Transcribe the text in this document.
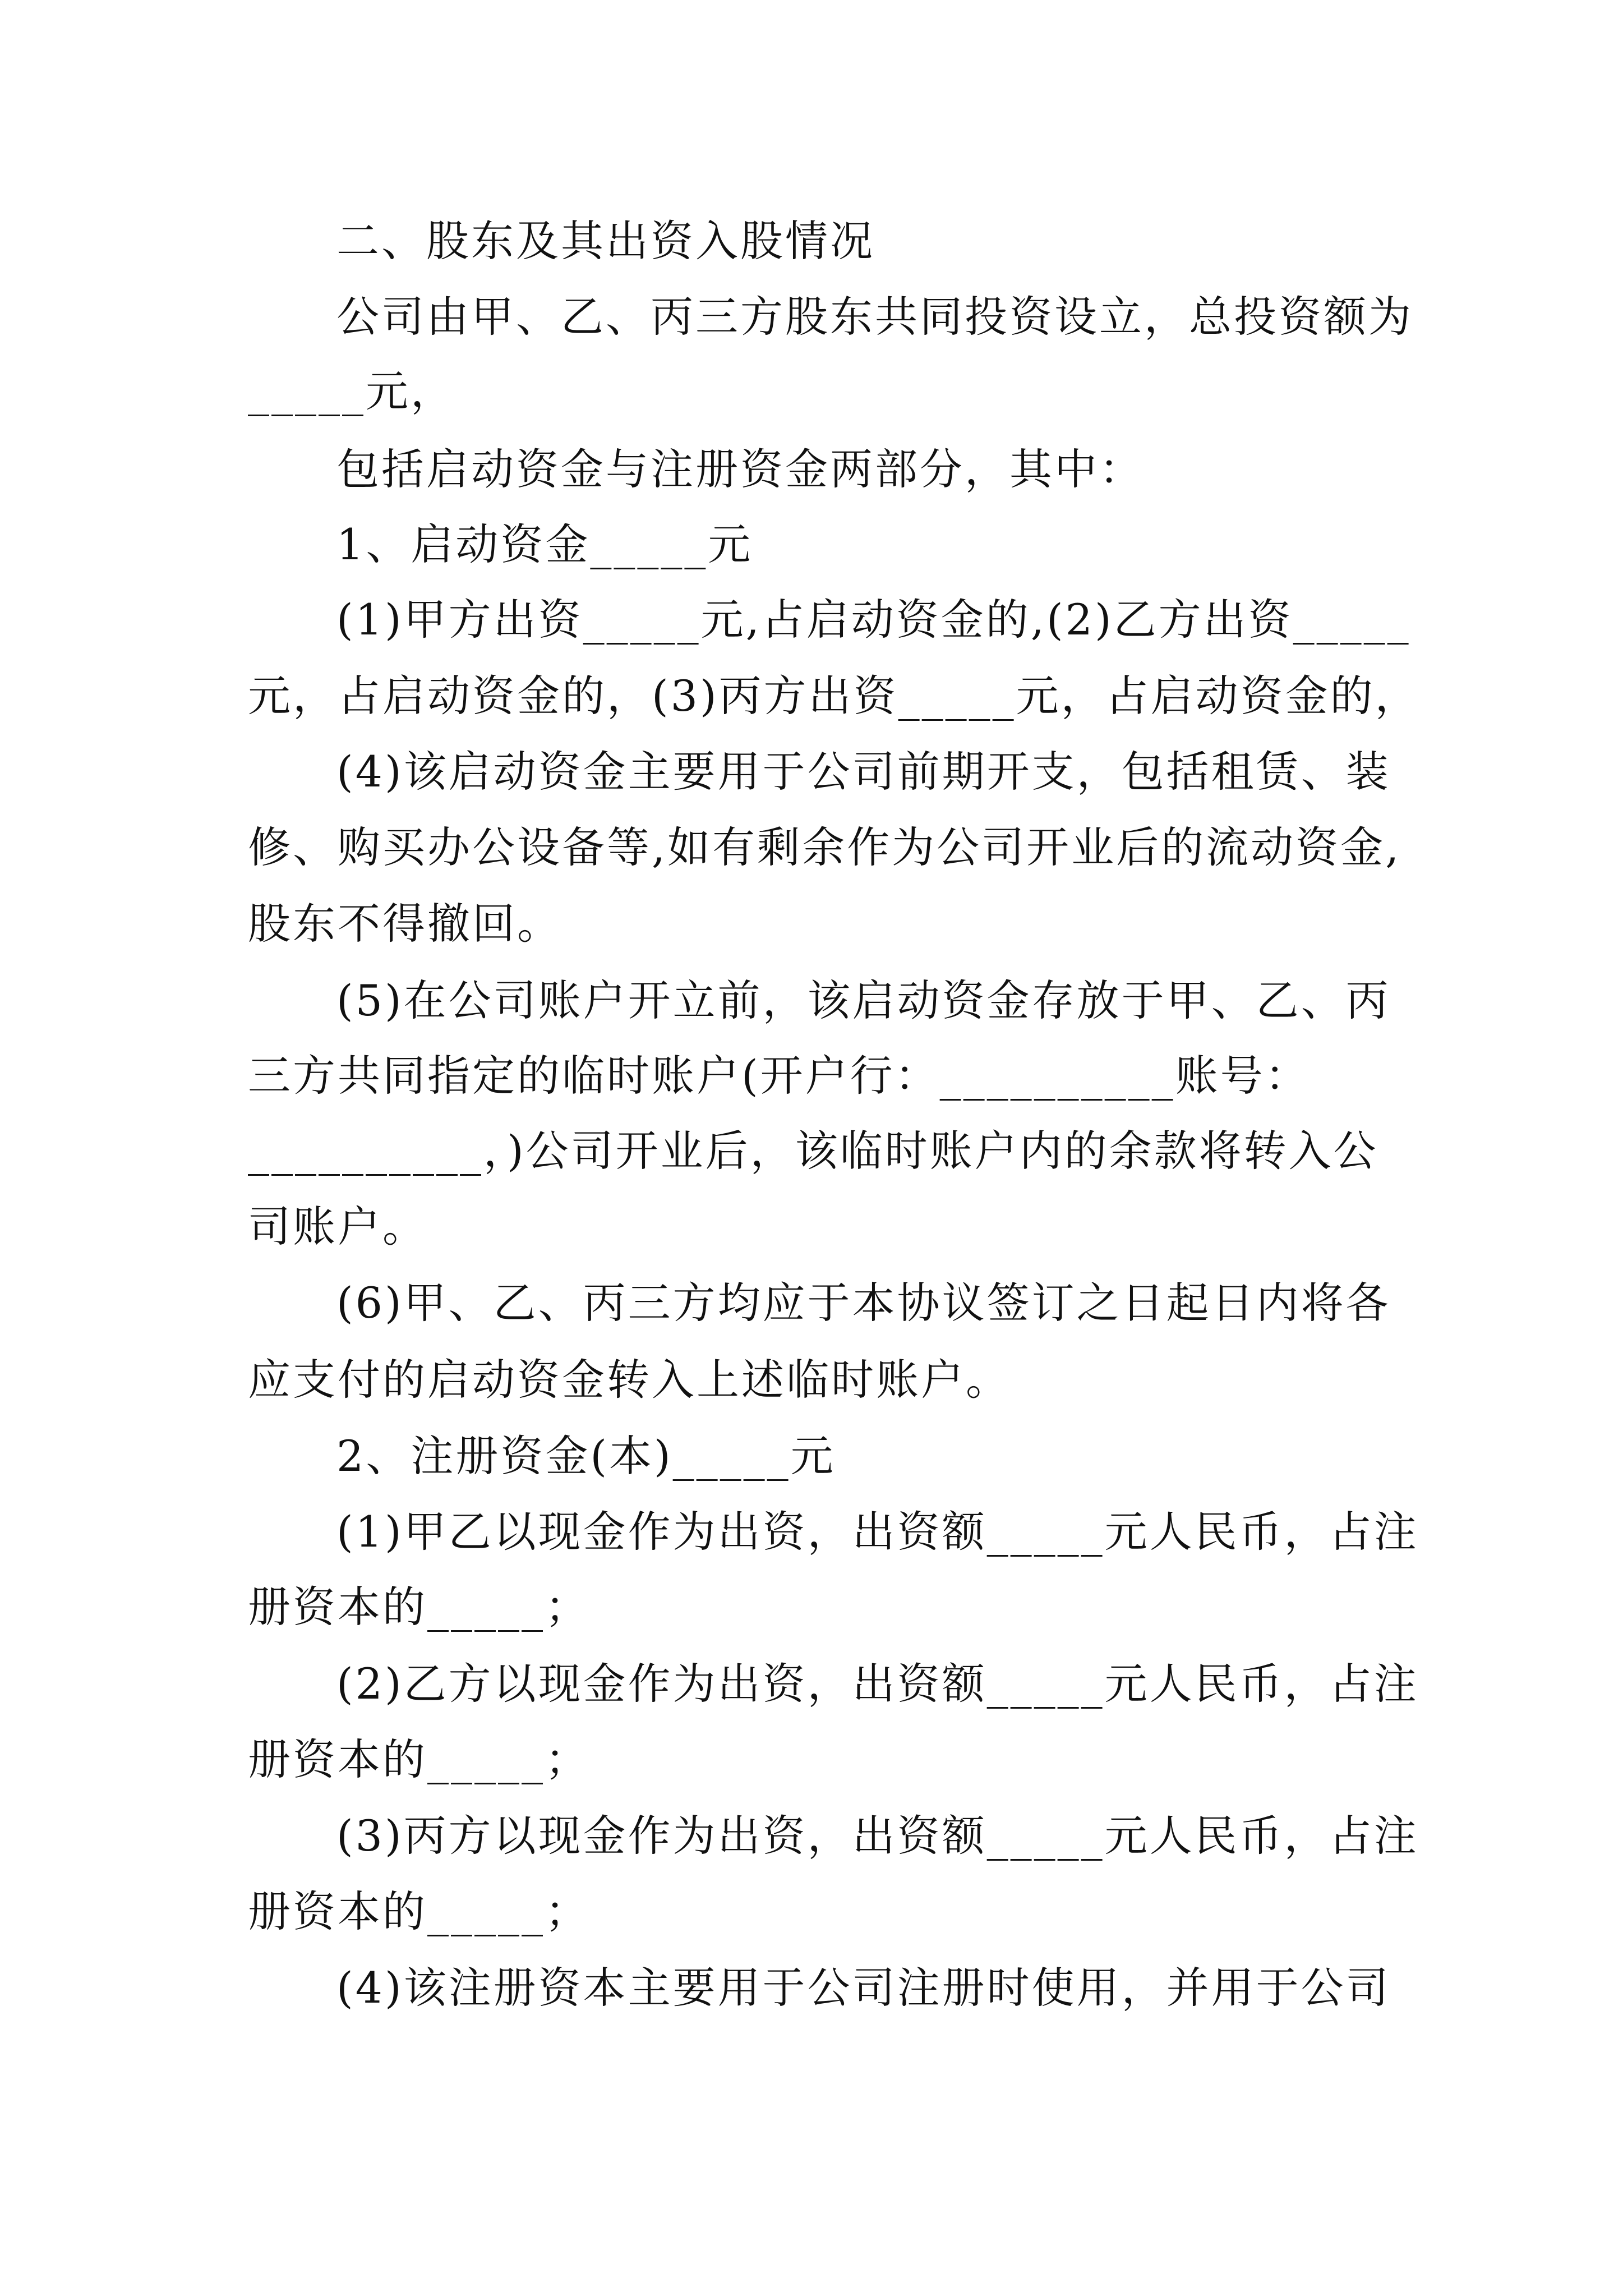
二、股东及其出资入股情况
公司由甲、乙、丙三方股东共同投资设立，总投资额为
_____元，
包括启动资金与注册资金两部分，其中：
1、启动资金_____元
(1)甲方出资_____元,占启动资金的,(2)乙方出资_____
元，占启动资金的，(3)丙方出资_____元，占启动资金的，
(4)该启动资金主要用于公司前期开支，包括租赁、装
修、购买办公设备等,如有剩余作为公司开业后的流动资金,
股东不得撤回。
(5)在公司账户开立前，该启动资金存放于甲、乙、丙
三方共同指定的临时账户(开户行：__________账号：
__________，)公司开业后，该临时账户内的余款将转入公
司账户。
(6)甲、乙、丙三方均应于本协议签订之日起日内将各
应支付的启动资金转入上述临时账户。
2、注册资金(本)_____元
(1)甲乙以现金作为出资，出资额_____元人民币，占注
册资本的_____；
(2)乙方以现金作为出资，出资额_____元人民币，占注
册资本的_____；
(3)丙方以现金作为出资，出资额_____元人民币，占注
册资本的_____；
(4)该注册资本主要用于公司注册时使用，并用于公司
